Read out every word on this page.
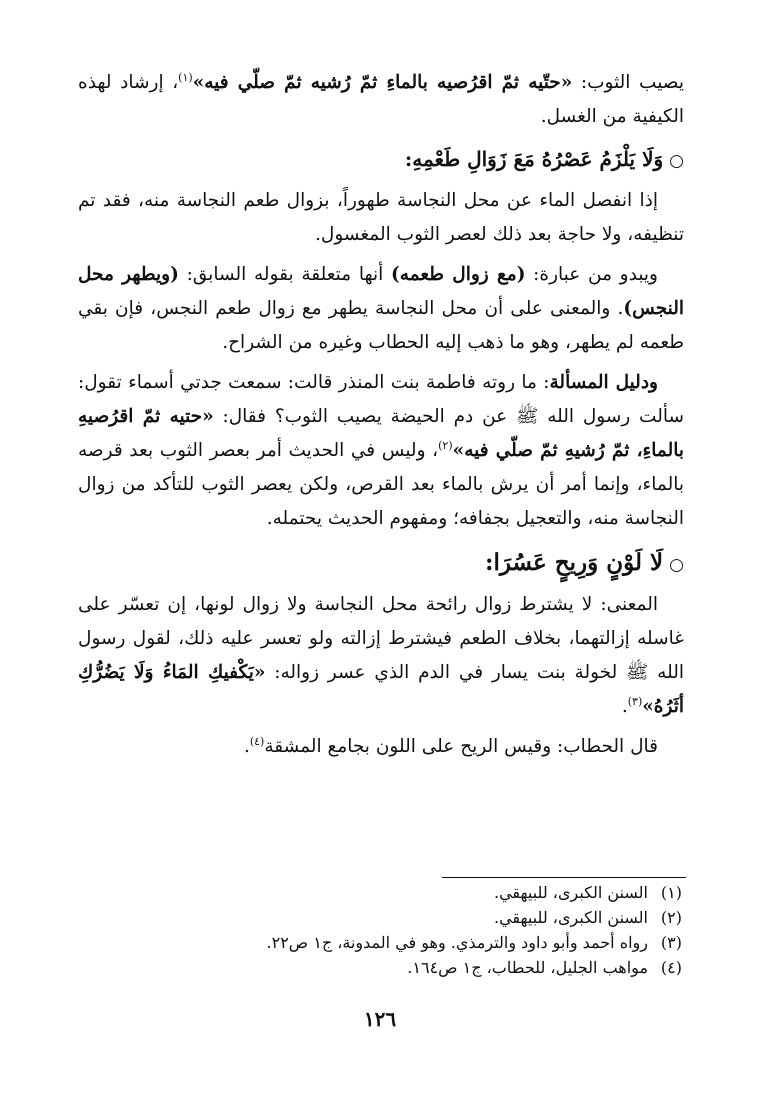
يصيب الثوب: «حتّيه ثمّ اقرُصيه بالماءِ ثمّ رُشيه ثمّ صلّي فيه»$^{(١)}$، إرشاد لهذه الكيفية من الغسل.

○وَلَا يَلْزَمُ عَصْرُهُ مَعَ زَوَالِ طَعْمِهِ:

إذا انفصل الماء عن محل النجاسة طهوراً، بزوال طعم النجاسة منه، فقد تم تنظيفه، ولا حاجة بعد ذلك لعصر الثوب المغسول.

ويبدو من عبارة: (مع زوال طعمه) أنها متعلقة بقوله السابق: (ويطهر محل النجس). والمعنى على أن محل النجاسة يطهر مع زوال طعم النجس، فإن بقي طعمه لم يطهر، وهو ما ذهب إليه الحطاب وغيره من الشراح.

ودليل المسألة: ما روته فاطمة بنت المنذر قالت: سمعت جدتي أسماء تقول: سألت رسول الله ﷺ عن دم الحيضة يصيب الثوب؟ فقال: «حتيه ثمّ اقرُصيهِ بالماءِ، ثمّ رُشيهِ ثمّ صلّي فيه»$^{(٢)}$، وليس في الحديث أمر بعصر الثوب بعد قرصه بالماء، وإنما أمر أن يرش بالماء بعد القرص، ولكن يعصر الثوب للتأكد من زوال النجاسة منه، والتعجيل بجفافه؛ ومفهوم الحديث يحتمله.

○لَا لَوْنٍ وَرِيحٍ عَسُرَا:

المعنى: لا يشترط زوال رائحة محل النجاسة ولا زوال لونها، إن تعسّر على غاسله إزالتهما، بخلاف الطعم فيشترط إزالته ولو تعسر عليه ذلك، لقول رسول الله ﷺ لخولة بنت يسار في الدم الذي عسر زواله: «يَكْفيكِ المَاءُ وَلَا يَضُرُّكِ أثَرُهُ»$^{(٣)}$.

قال الحطاب: وقيس الريح على اللون بجامع المشقة$^{(٤)}$.

(١)السنن الكبرى، للبيهقي.
(٢)السنن الكبرى، للبيهقي.
(٣)رواه أحمد وأبو داود والترمذي. وهو في المدونة، ج١ ص٢٢.
(٤)مواهب الجليل، للحطاب، ج١ ص١٦٤.
١٢٦
